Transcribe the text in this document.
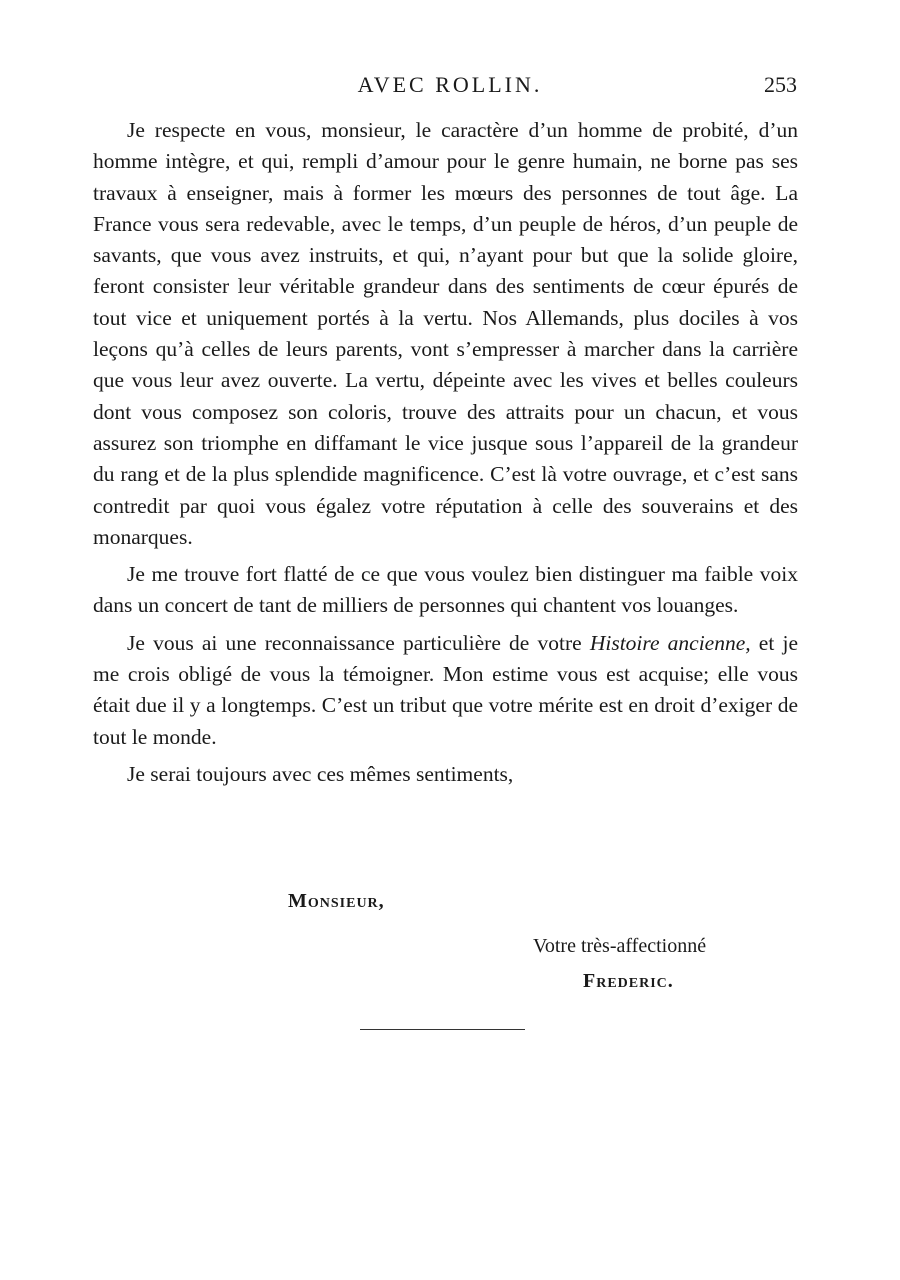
AVEC ROLLIN.	253

Je respecte en vous, monsieur, le caractère d’un homme de probité, d’un homme intègre, et qui, rempli d’amour pour le genre humain, ne borne pas ses travaux à enseigner, mais à former les mœurs des personnes de tout âge. La France vous sera redevable, avec le temps, d’un peuple de héros, d’un peuple de savants, que vous avez instruits, et qui, n’ayant pour but que la solide gloire, feront consister leur véritable grandeur dans des sentiments de cœur épurés de tout vice et uniquement portés à la vertu. Nos Allemands, plus dociles à vos leçons qu’à celles de leurs parents, vont s’empresser à marcher dans la carrière que vous leur avez ouverte. La vertu, dépeinte avec les vives et belles couleurs dont vous composez son coloris, trouve des attraits pour un chacun, et vous assurez son triomphe en diffamant le vice jusque sous l’appareil de la grandeur du rang et de la plus splendide magnificence. C’est là votre ouvrage, et c’est sans contredit par quoi vous égalez votre réputation à celle des souverains et des monarques.

Je me trouve fort flatté de ce que vous voulez bien distinguer ma faible voix dans un concert de tant de milliers de personnes qui chantent vos louanges.

Je vous ai une reconnaissance particulière de votre Histoire ancienne, et je me crois obligé de vous la témoigner. Mon estime vous est acquise; elle vous était due il y a longtemps. C’est un tribut que votre mérite est en droit d’exiger de tout le monde.

Je serai toujours avec ces mêmes sentiments,

Monsieur,
Votre très-affectionné
Frederic.
